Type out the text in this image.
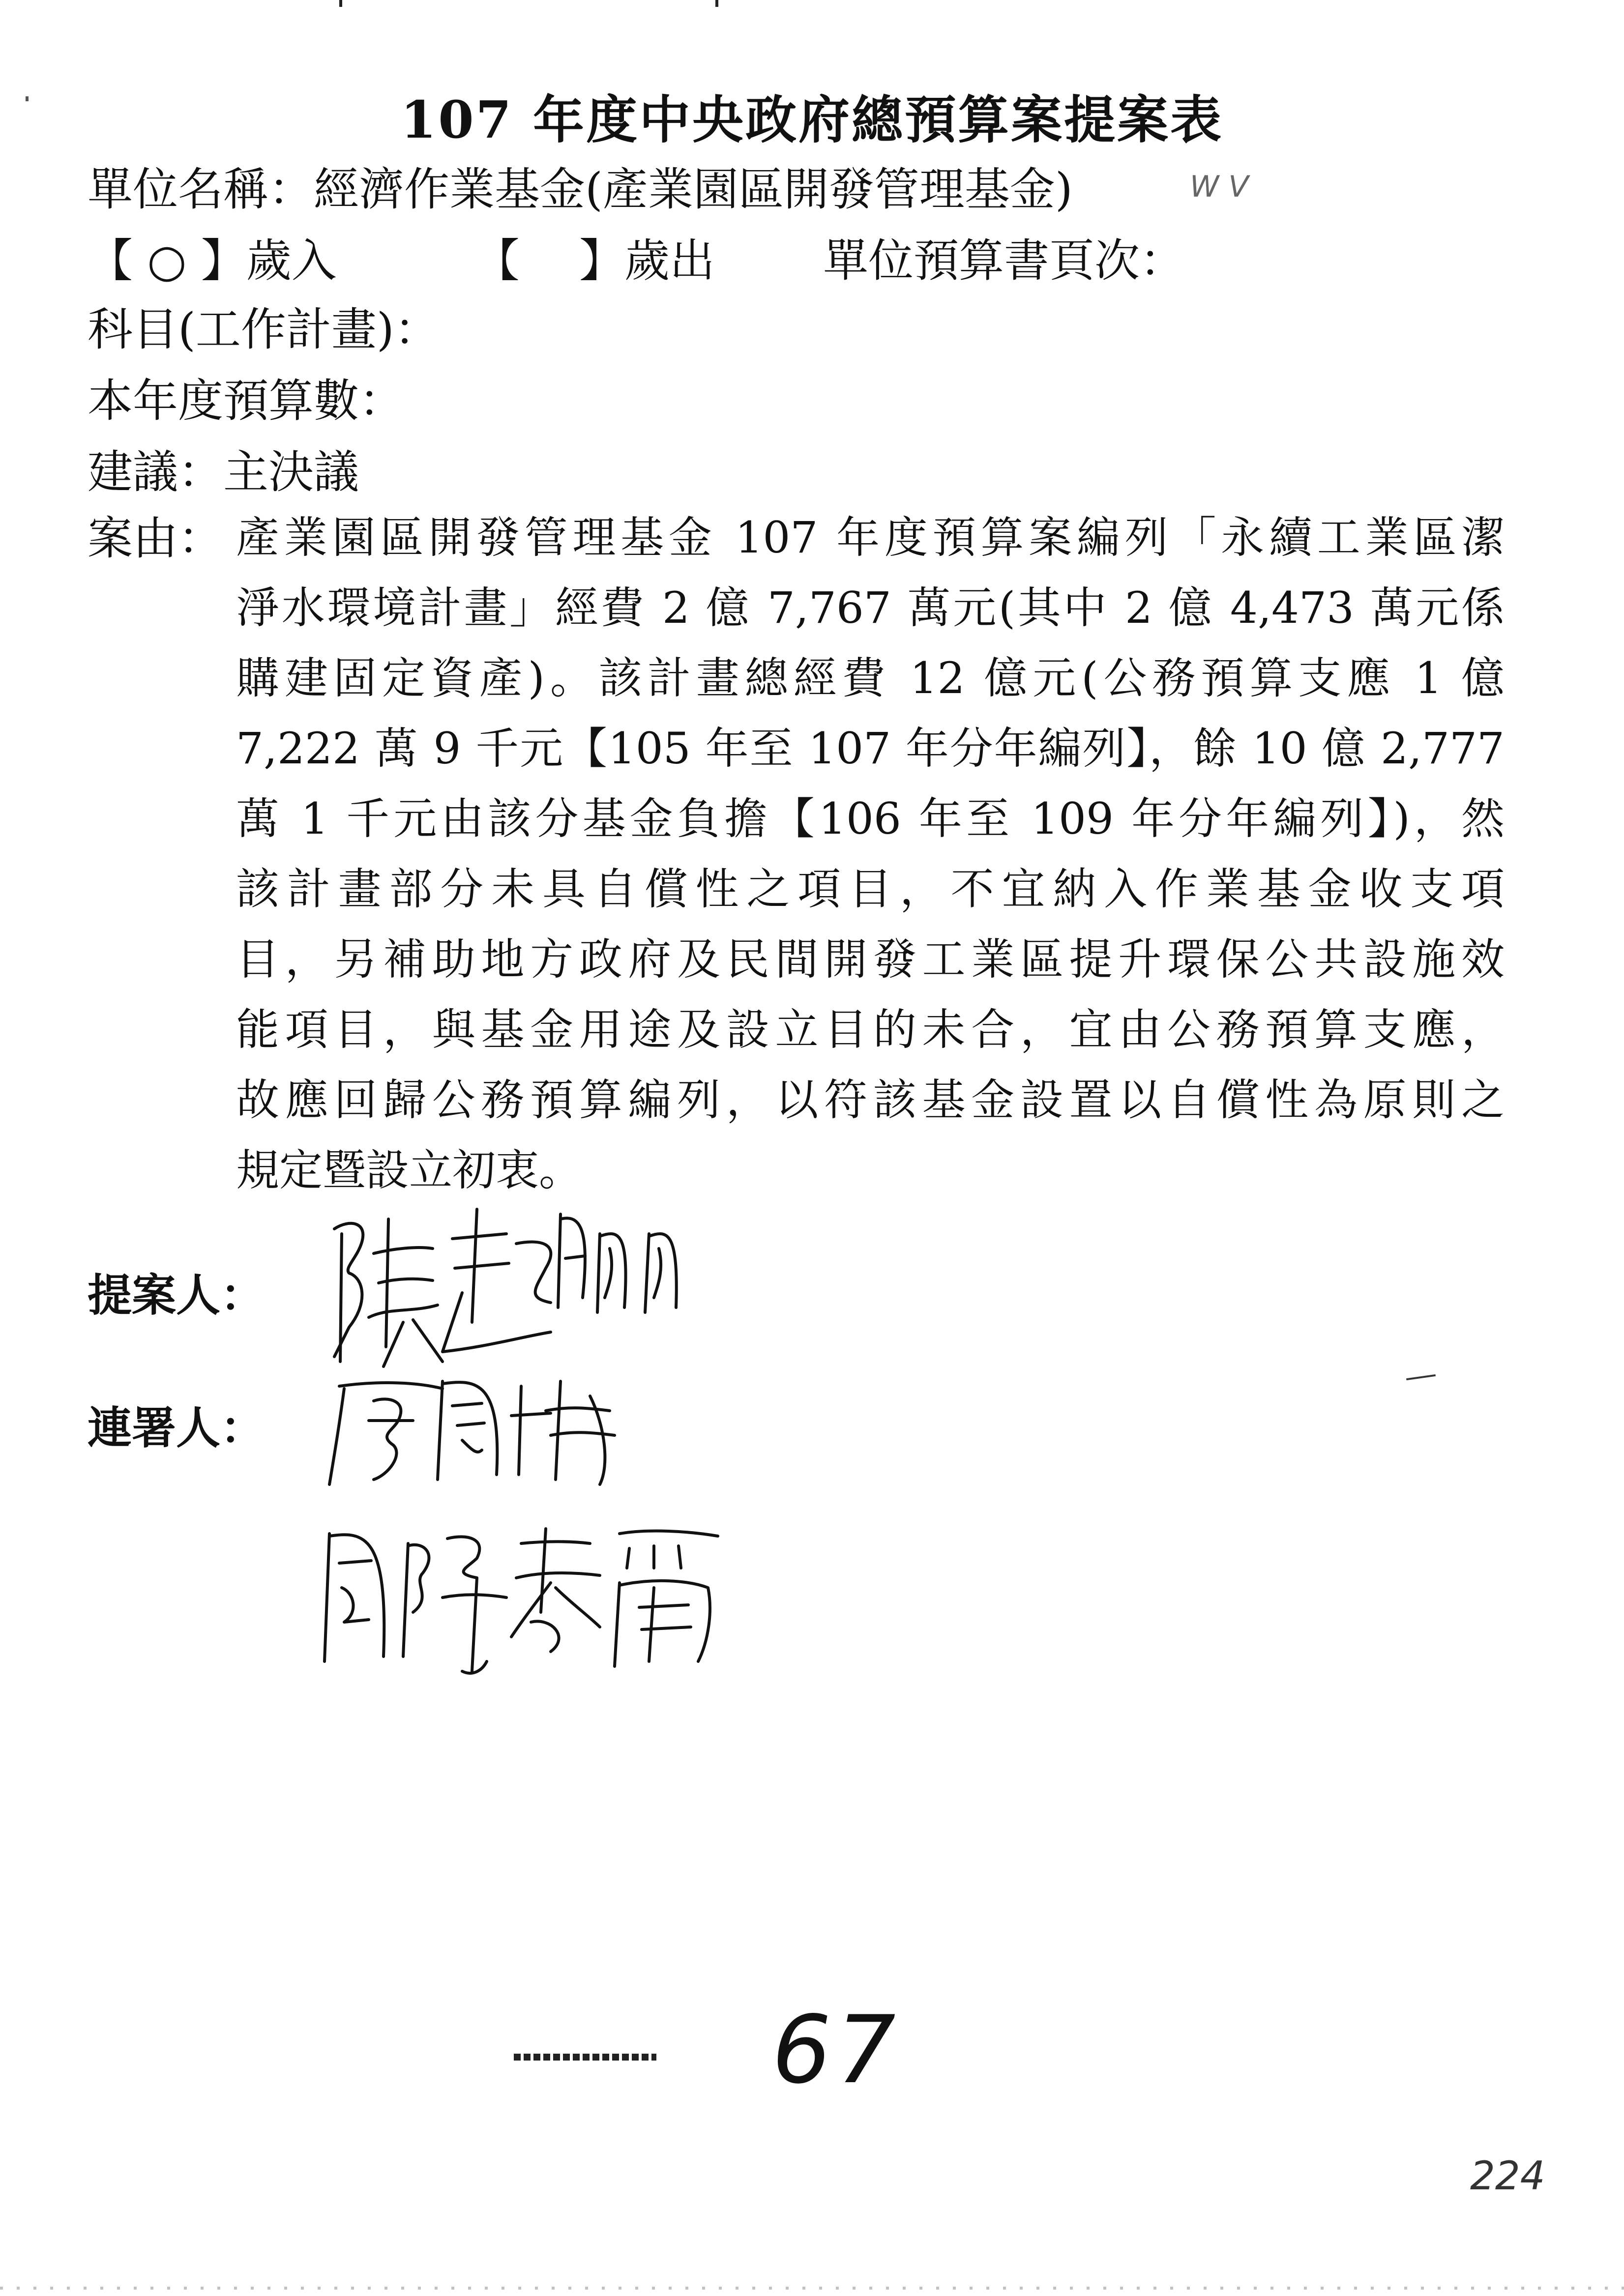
107 年度中央政府總預算案提案表
單位名稱：經濟作業基金(產業園區開發管理基金)	W V
【 ○ 】歲入	【　 】歲出 單位預算書頁次：
科目(工作計畫)：
本年度預算數：
建議：主決議
案由： 產業園區開發管理基金 107 年度預算案編列「永續工業區潔
淨水環境計畫」經費 2 億 7,767 萬元(其中 2 億 4,473 萬元係
購建固定資產)。該計畫總經費 12 億元(公務預算支應 1 億
7,222 萬 9 千元【105 年至 107 年分年編列】，餘 10 億 2,777
萬 1 千元由該分基金負擔【106 年至 109 年分年編列】)，然
該計畫部分未具自償性之項目，不宜納入作業基金收支項
目，另補助地方政府及民間開發工業區提升環保公共設施效
能項目，與基金用途及設立目的未合，宜由公務預算支應，
故應回歸公務預算編列，以符該基金設置以自償性為原則之
規定暨設立初衷。
提案人：
連署人：
67
224
